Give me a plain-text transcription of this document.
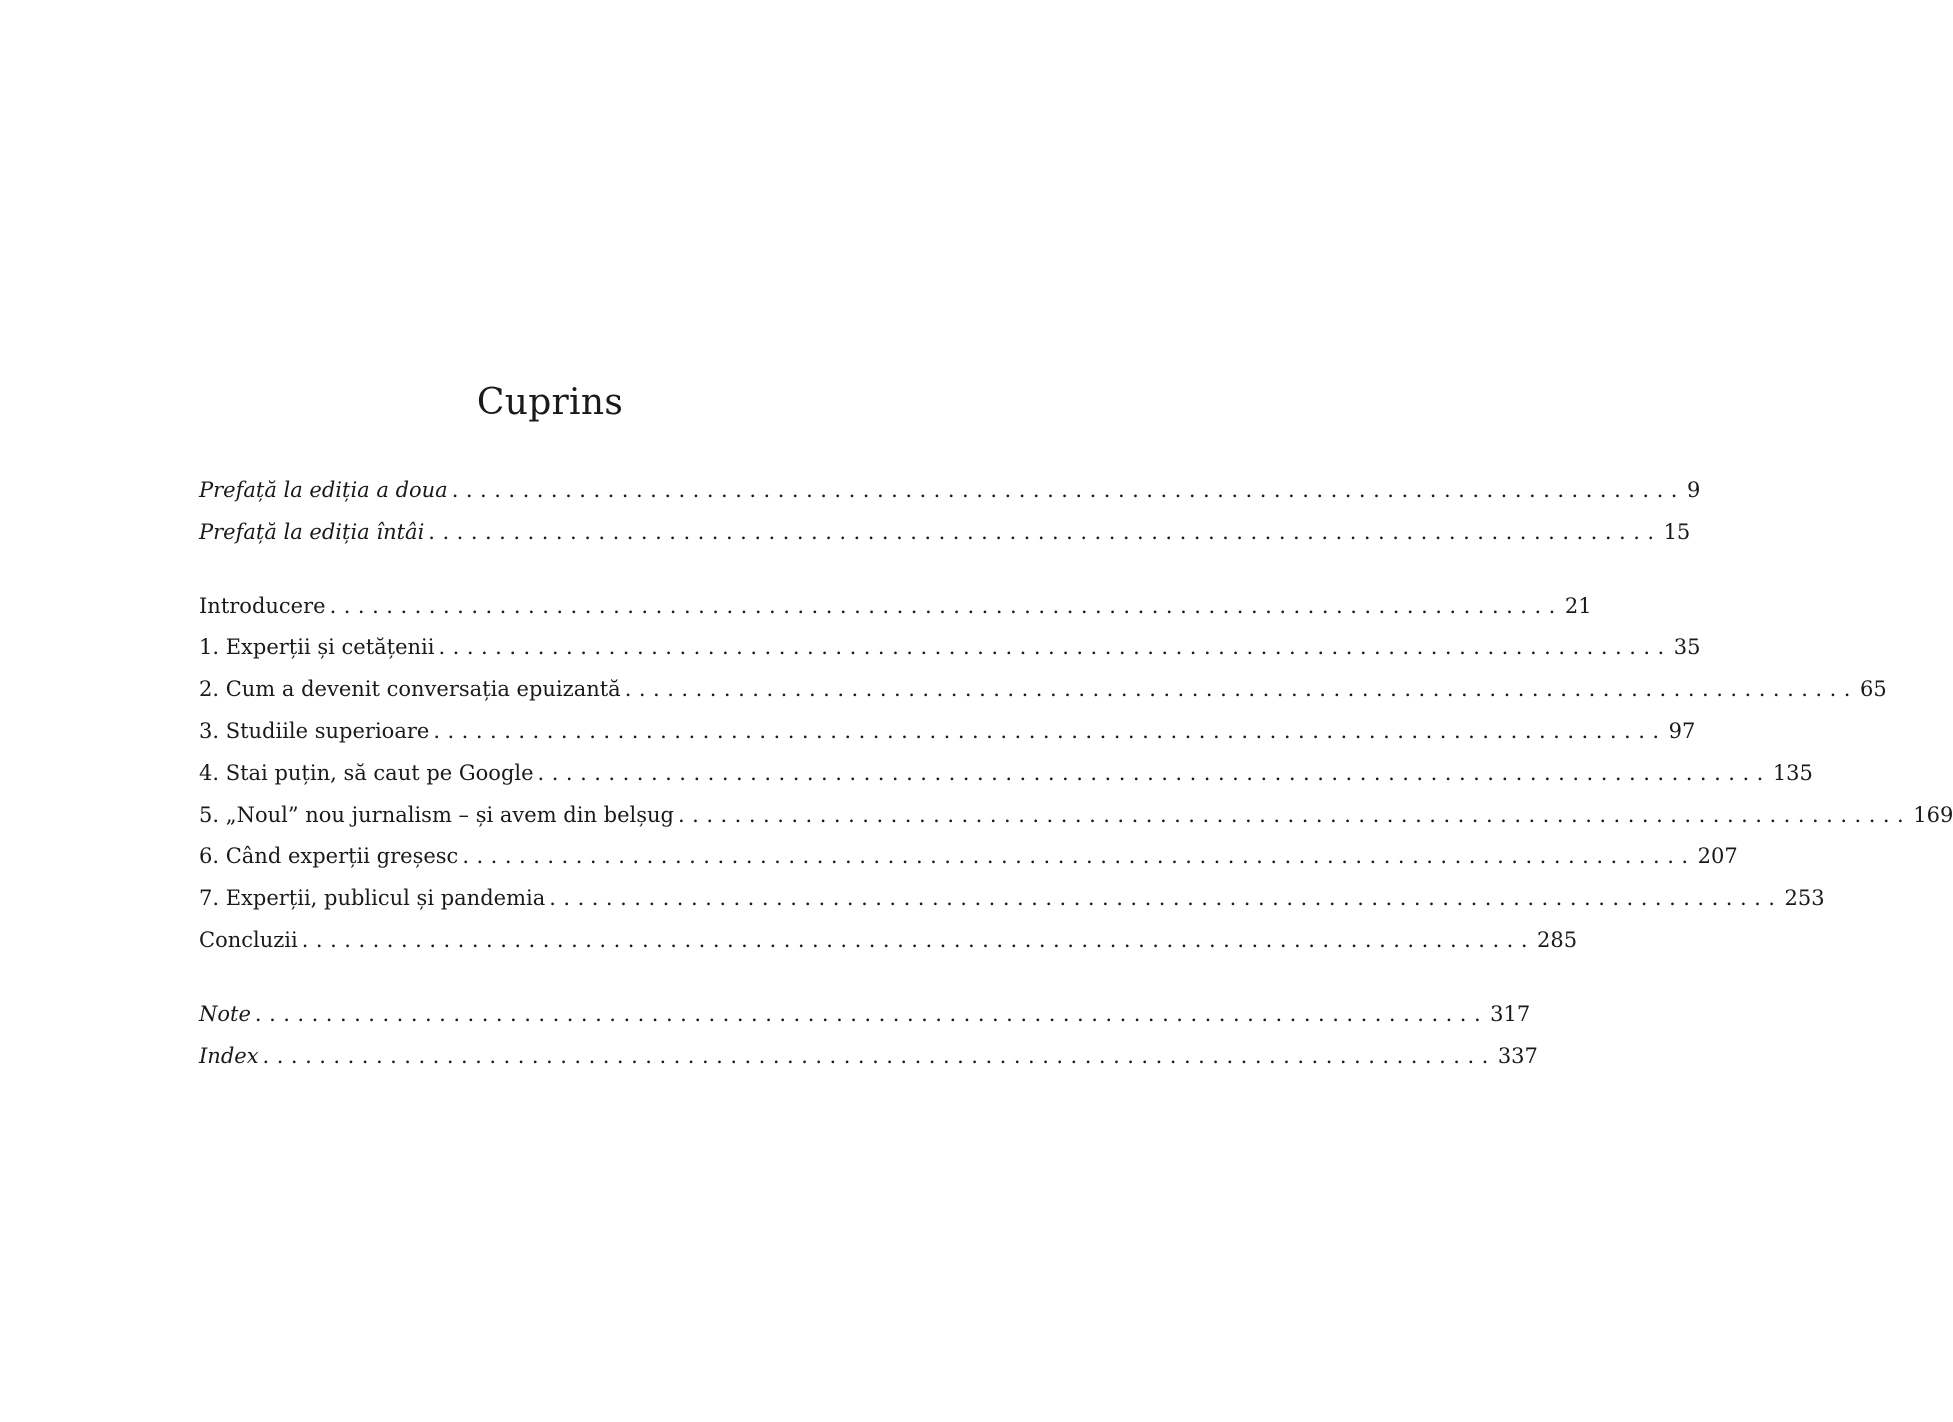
Cuprins
Prefață la ediția a doua ....................................................................................... 9
Prefață la ediția întâi ....................................................................................... 15
Introducere ....................................................................................... 21
1. Experții și cetățenii ....................................................................................... 35
2. Cum a devenit conversația epuizantă ....................................................................................... 65
3. Studiile superioare ....................................................................................... 97
4. Stai puțin, să caut pe Google ....................................................................................... 135
5. „Noul” nou jurnalism – și avem din belșug ....................................................................................... 169
6. Când experții greșesc ....................................................................................... 207
7. Experții, publicul și pandemia ....................................................................................... 253
Concluzii ....................................................................................... 285
Note ....................................................................................... 317
Index ....................................................................................... 337
